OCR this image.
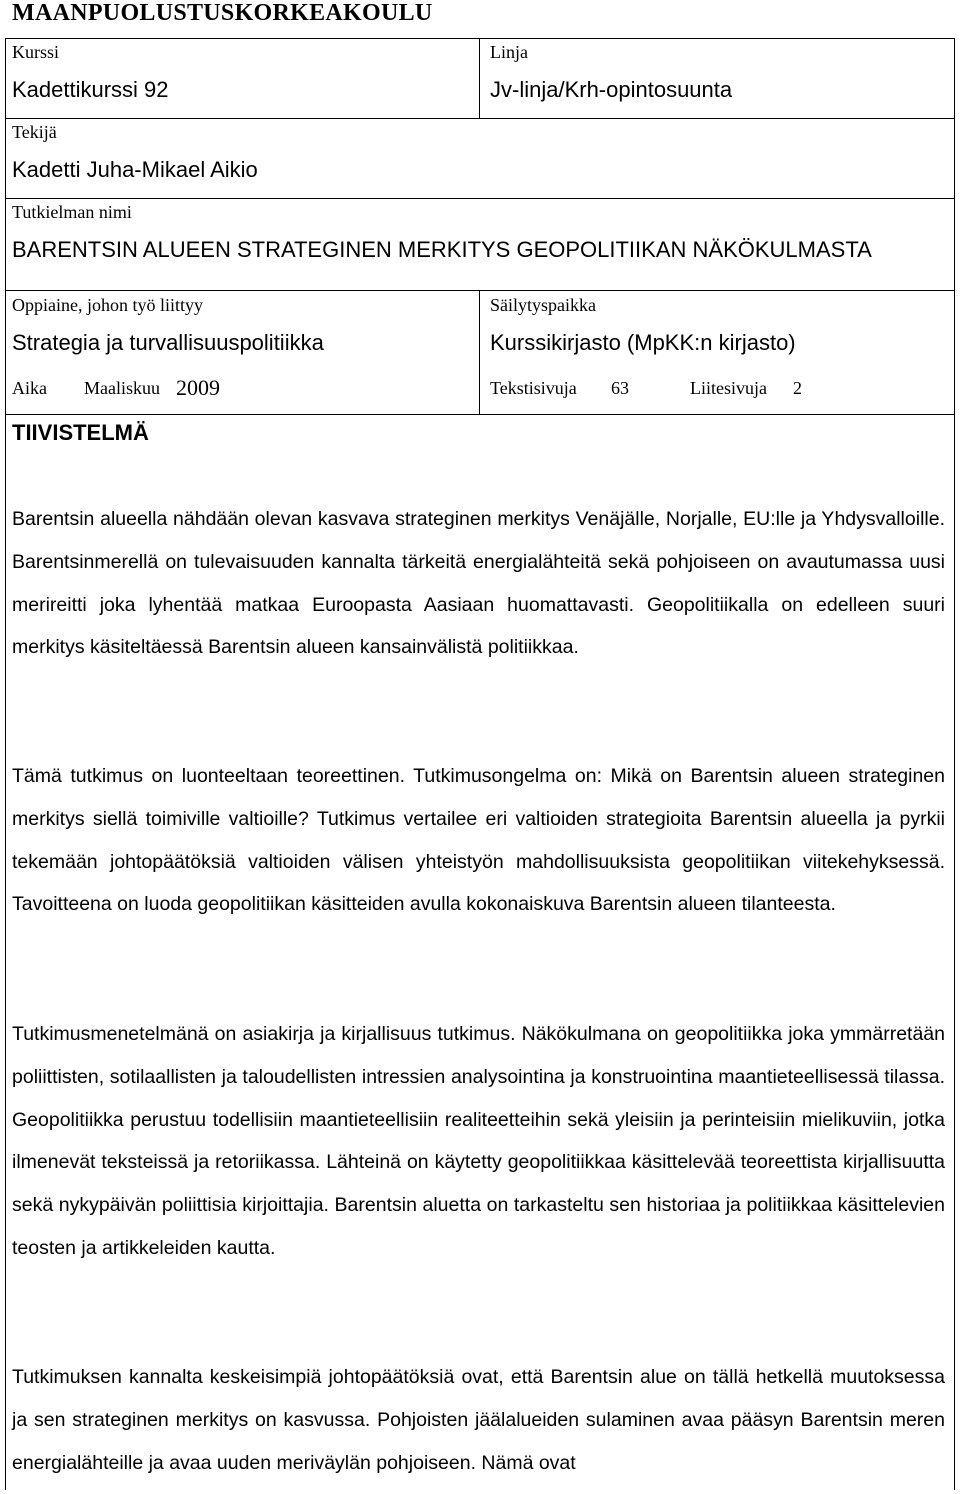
MAANPUOLUSTUSKORKEAKOULU
Kurssi
Kadettikurssi 92
Linja
Jv-linja/Krh-opintosuunta
Tekijä
Kadetti Juha-Mikael Aikio
Tutkielman nimi
BARENTSIN ALUEEN STRATEGINEN MERKITYS GEOPOLITIIKAN NÄKÖKULMASTA
Oppiaine, johon työ liittyy
Strategia ja turvallisuuspolitiikka
Säilytyspaikka
Kurssikirjasto (MpKK:n kirjasto)
Aika Maaliskuu 2009	Tekstisivuja 63	Liitesivuja 2
TIIVISTELMÄ

Barentsin alueella nähdään olevan kasvava strateginen merkitys Venäjälle, Norjalle, EU:lle ja Yhdysvalloille. Barentsinmerellä on tulevaisuuden kannalta tärkeitä energialähteitä sekä pohjoiseen on avautumassa uusi merireitti joka lyhentää matkaa Euroopasta Aasiaan huomattavasti. Geopolitiikalla on edelleen suuri merkitys käsiteltäessä Barentsin alueen kansainvälistä politiikkaa.

Tämä tutkimus on luonteeltaan teoreettinen. Tutkimusongelma on: Mikä on Barentsin alueen strateginen merkitys siellä toimiville valtioille? Tutkimus vertailee eri valtioiden strategioita Barentsin alueella ja pyrkii tekemään johtopäätöksiä valtioiden välisen yhteistyön mahdollisuuksista geopolitiikan viitekehyksessä. Tavoitteena on luoda geopolitiikan käsitteiden avulla kokonaiskuva Barentsin alueen tilanteesta.

Tutkimusmenetelmänä on asiakirja ja kirjallisuus tutkimus. Näkökulmana on geopolitiikka joka ymmärretään poliittisten, sotilaallisten ja taloudellisten intressien analysointina ja konstruointina maantieteellisessä tilassa. Geopolitiikka perustuu todellisiin maantieteellisiin realiteetteihin sekä yleisiin ja perinteisiin mielikuviin, jotka ilmenevät teksteissä ja retoriikassa. Lähteinä on käytetty geopolitiikkaa käsittelevää teoreettista kirjallisuutta sekä nykypäivän poliittisia kirjoittajia. Barentsin aluetta on tarkasteltu sen historiaa ja politiikkaa käsittelevien teosten ja artikkeleiden kautta.

Tutkimuksen kannalta keskeisimpiä johtopäätöksiä ovat, että Barentsin alue on tällä hetkellä muutoksessa ja sen strateginen merkitys on kasvussa. Pohjoisten jäälalueiden sulaminen avaa pääsyn Barentsin meren energialähteille ja avaa uuden meriväylän pohjoiseen. Nämä ovat
